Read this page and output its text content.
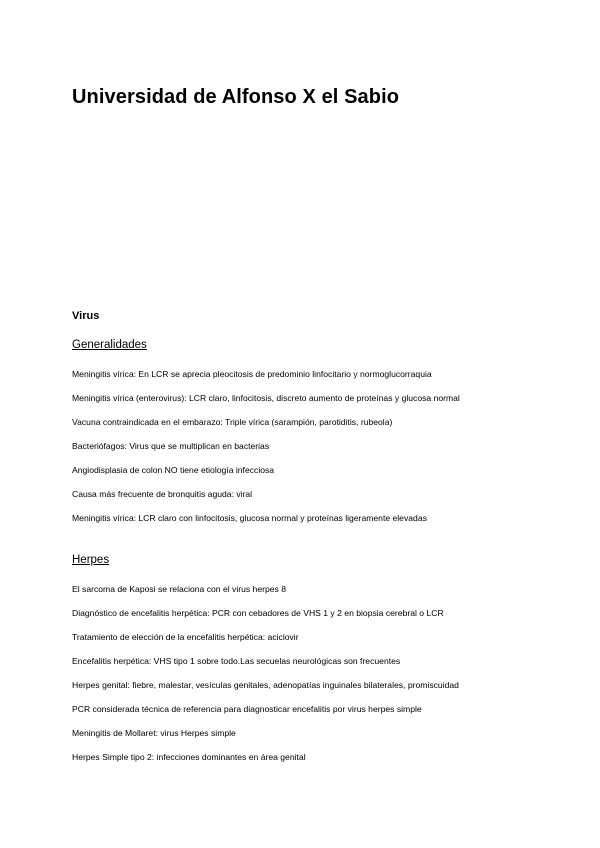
Universidad de Alfonso X el Sabio
Virus
Generalidades
Meningitis vírica: En LCR se aprecia pleocitosis de predominio linfocitario y normoglucorraquia
Meningitis vírica (enterovirus): LCR claro, linfocitosis, discreto aumento de proteínas y glucosa normal
Vacuna contraindicada en el embarazo: Triple vírica (sarampión, parotiditis, rubeola)
Bacteriófagos: Virus que se multiplican en bacterias
Angiodisplasia de colon NO tiene etiología infecciosa
Causa más frecuente de bronquitis aguda: viral
Meningitis vírica: LCR claro con linfocitosis, glucosa normal y proteínas ligeramente elevadas
Herpes
El sarcoma de Kaposi se relaciona con el virus herpes 8
Diagnóstico de encefalitis herpética: PCR con cebadores de VHS 1 y 2 en biopsia cerebral o LCR
Tratamiento de elección de la encefalitis herpética: aciclovir
Encefalitis herpética: VHS tipo 1 sobre todo.Las secuelas neurológicas son frecuentes
Herpes genital: fiebre, malestar, vesículas genitales, adenopatías inguinales bilaterales, promiscuidad
PCR considerada técnica de referencia para diagnosticar encefalitis por virus herpes simple
Meningitis de Mollaret: virus Herpes simple
Herpes Simple tipo 2: infecciones dominantes en área genital
